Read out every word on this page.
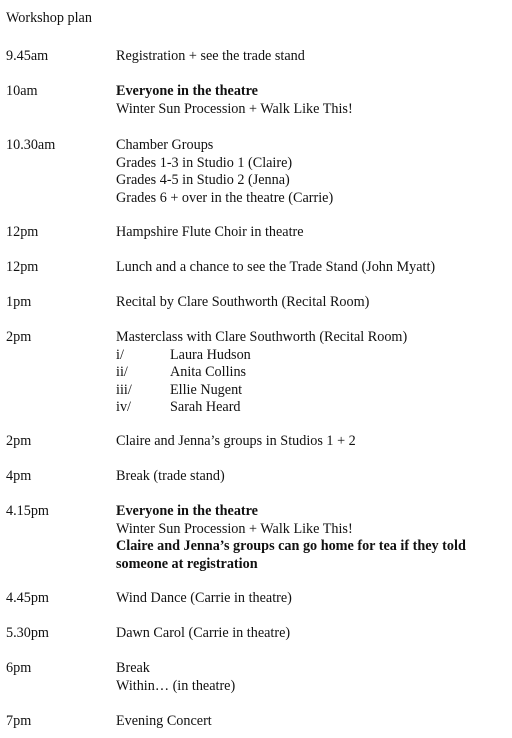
Workshop plan
9.45am	Registration + see the trade stand
10am	Everyone in the theatre
Winter Sun Procession + Walk Like This!
10.30am	Chamber Groups
Grades 1-3 in Studio 1 (Claire)
Grades 4-5 in Studio 2 (Jenna)
Grades 6 + over in the theatre (Carrie)
12pm	Hampshire Flute Choir in theatre
12pm	Lunch and a chance to see the Trade Stand (John Myatt)
1pm	Recital by Clare Southworth (Recital Room)
2pm	Masterclass with Clare Southworth (Recital Room)
i/	Laura Hudson
ii/	Anita Collins
iii/	Ellie Nugent
iv/	Sarah Heard
2pm	Claire and Jenna’s groups in Studios 1 + 2
4pm	Break (trade stand)
4.15pm	Everyone in the theatre
Winter Sun Procession + Walk Like This!
Claire and Jenna’s groups can go home for tea if they told someone at registration
4.45pm	Wind Dance (Carrie in theatre)
5.30pm	Dawn Carol (Carrie in theatre)
6pm	Break
Within… (in theatre)
7pm	Evening Concert
